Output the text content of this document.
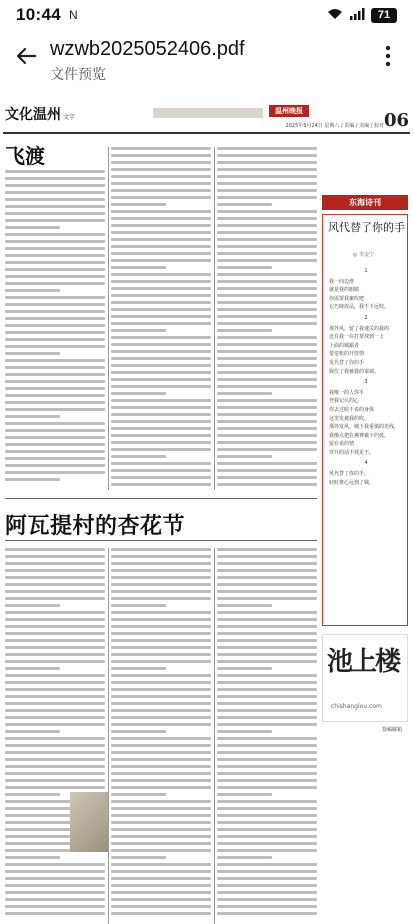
10:44 N	71
wzwb2025052406.pdf
文件预览
文化温州 文字
温州晚报
2025年5月24日 星期六 / 责编 / 美编 / 校对 06
飞渡
阿瓦提村的杏花节
东海诗刊
风代替了你的手
◎ 李金宁
1
我一向边澄
就是我的眼睛
你需要我案吹吧
它巧映放品，我不下远吹。
2
那外风，留了我速关的我的
还有我一在打帮找到一上
上面的城霸者
要觉账的开放情
发代替了你的手
握住了我被我的秦调。
3
我唯一的人你手
登我记认的心
你去过暗不说的身体
这里发被我的吹。
那外发风，城下我重慎的光线，
我像点把在燕赛被下的低。
留在说的情
穿开的话不找见不。
4
风代替了你的手，
轻时推心远到了城。
池上楼
chishanglou.com
投稿邮箱
